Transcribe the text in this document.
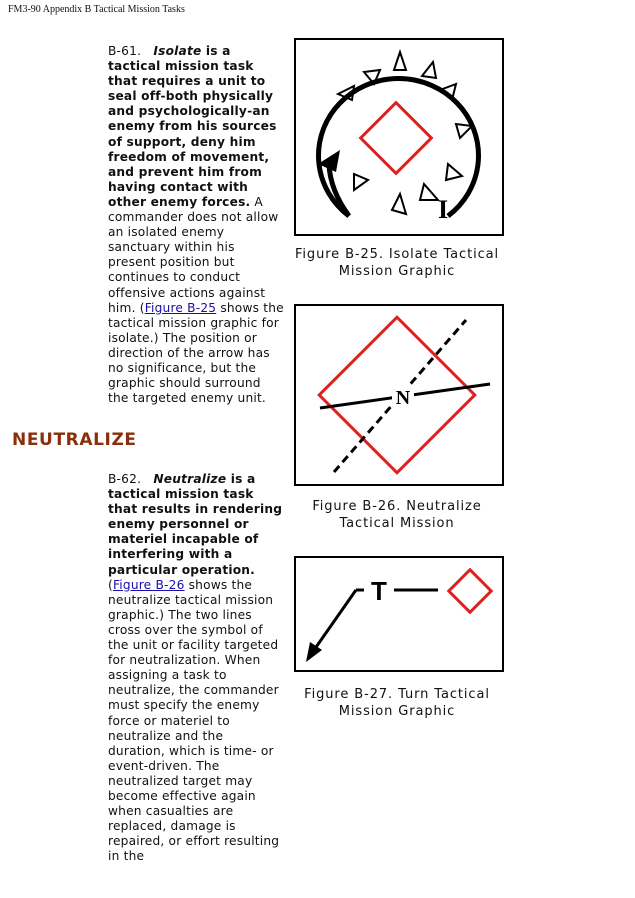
FM3-90 Appendix B Tactical Mission Tasks
B-61. Isolate is a tactical mission task that requires a unit to seal off-both physically and psychologically-an enemy from his sources of support, deny him freedom of movement, and prevent him from having contact with other enemy forces. A commander does not allow an isolated enemy sanctuary within his present position but continues to conduct offensive actions against him. (Figure B-25 shows the tactical mission graphic for isolate.) The position or direction of the arrow has no significance, but the graphic should surround the targeted enemy unit.
NEUTRALIZE
B-62. Neutralize is a tactical mission task that results in rendering enemy personnel or materiel incapable of interfering with a particular operation. (Figure B-26 shows the neutralize tactical mission graphic.) The two lines cross over the symbol of the unit or facility targeted for neutralization. When assigning a task to neutralize, the commander must specify the enemy force or materiel to neutralize and the duration, which is time- or event-driven. The neutralized target may become effective again when casualties are replaced, damage is repaired, or effort resulting in the
I
Figure B-25. Isolate Tactical
Mission Graphic
N
Figure B-26. Neutralize
Tactical Mission
T
Figure B-27. Turn Tactical
Mission Graphic
